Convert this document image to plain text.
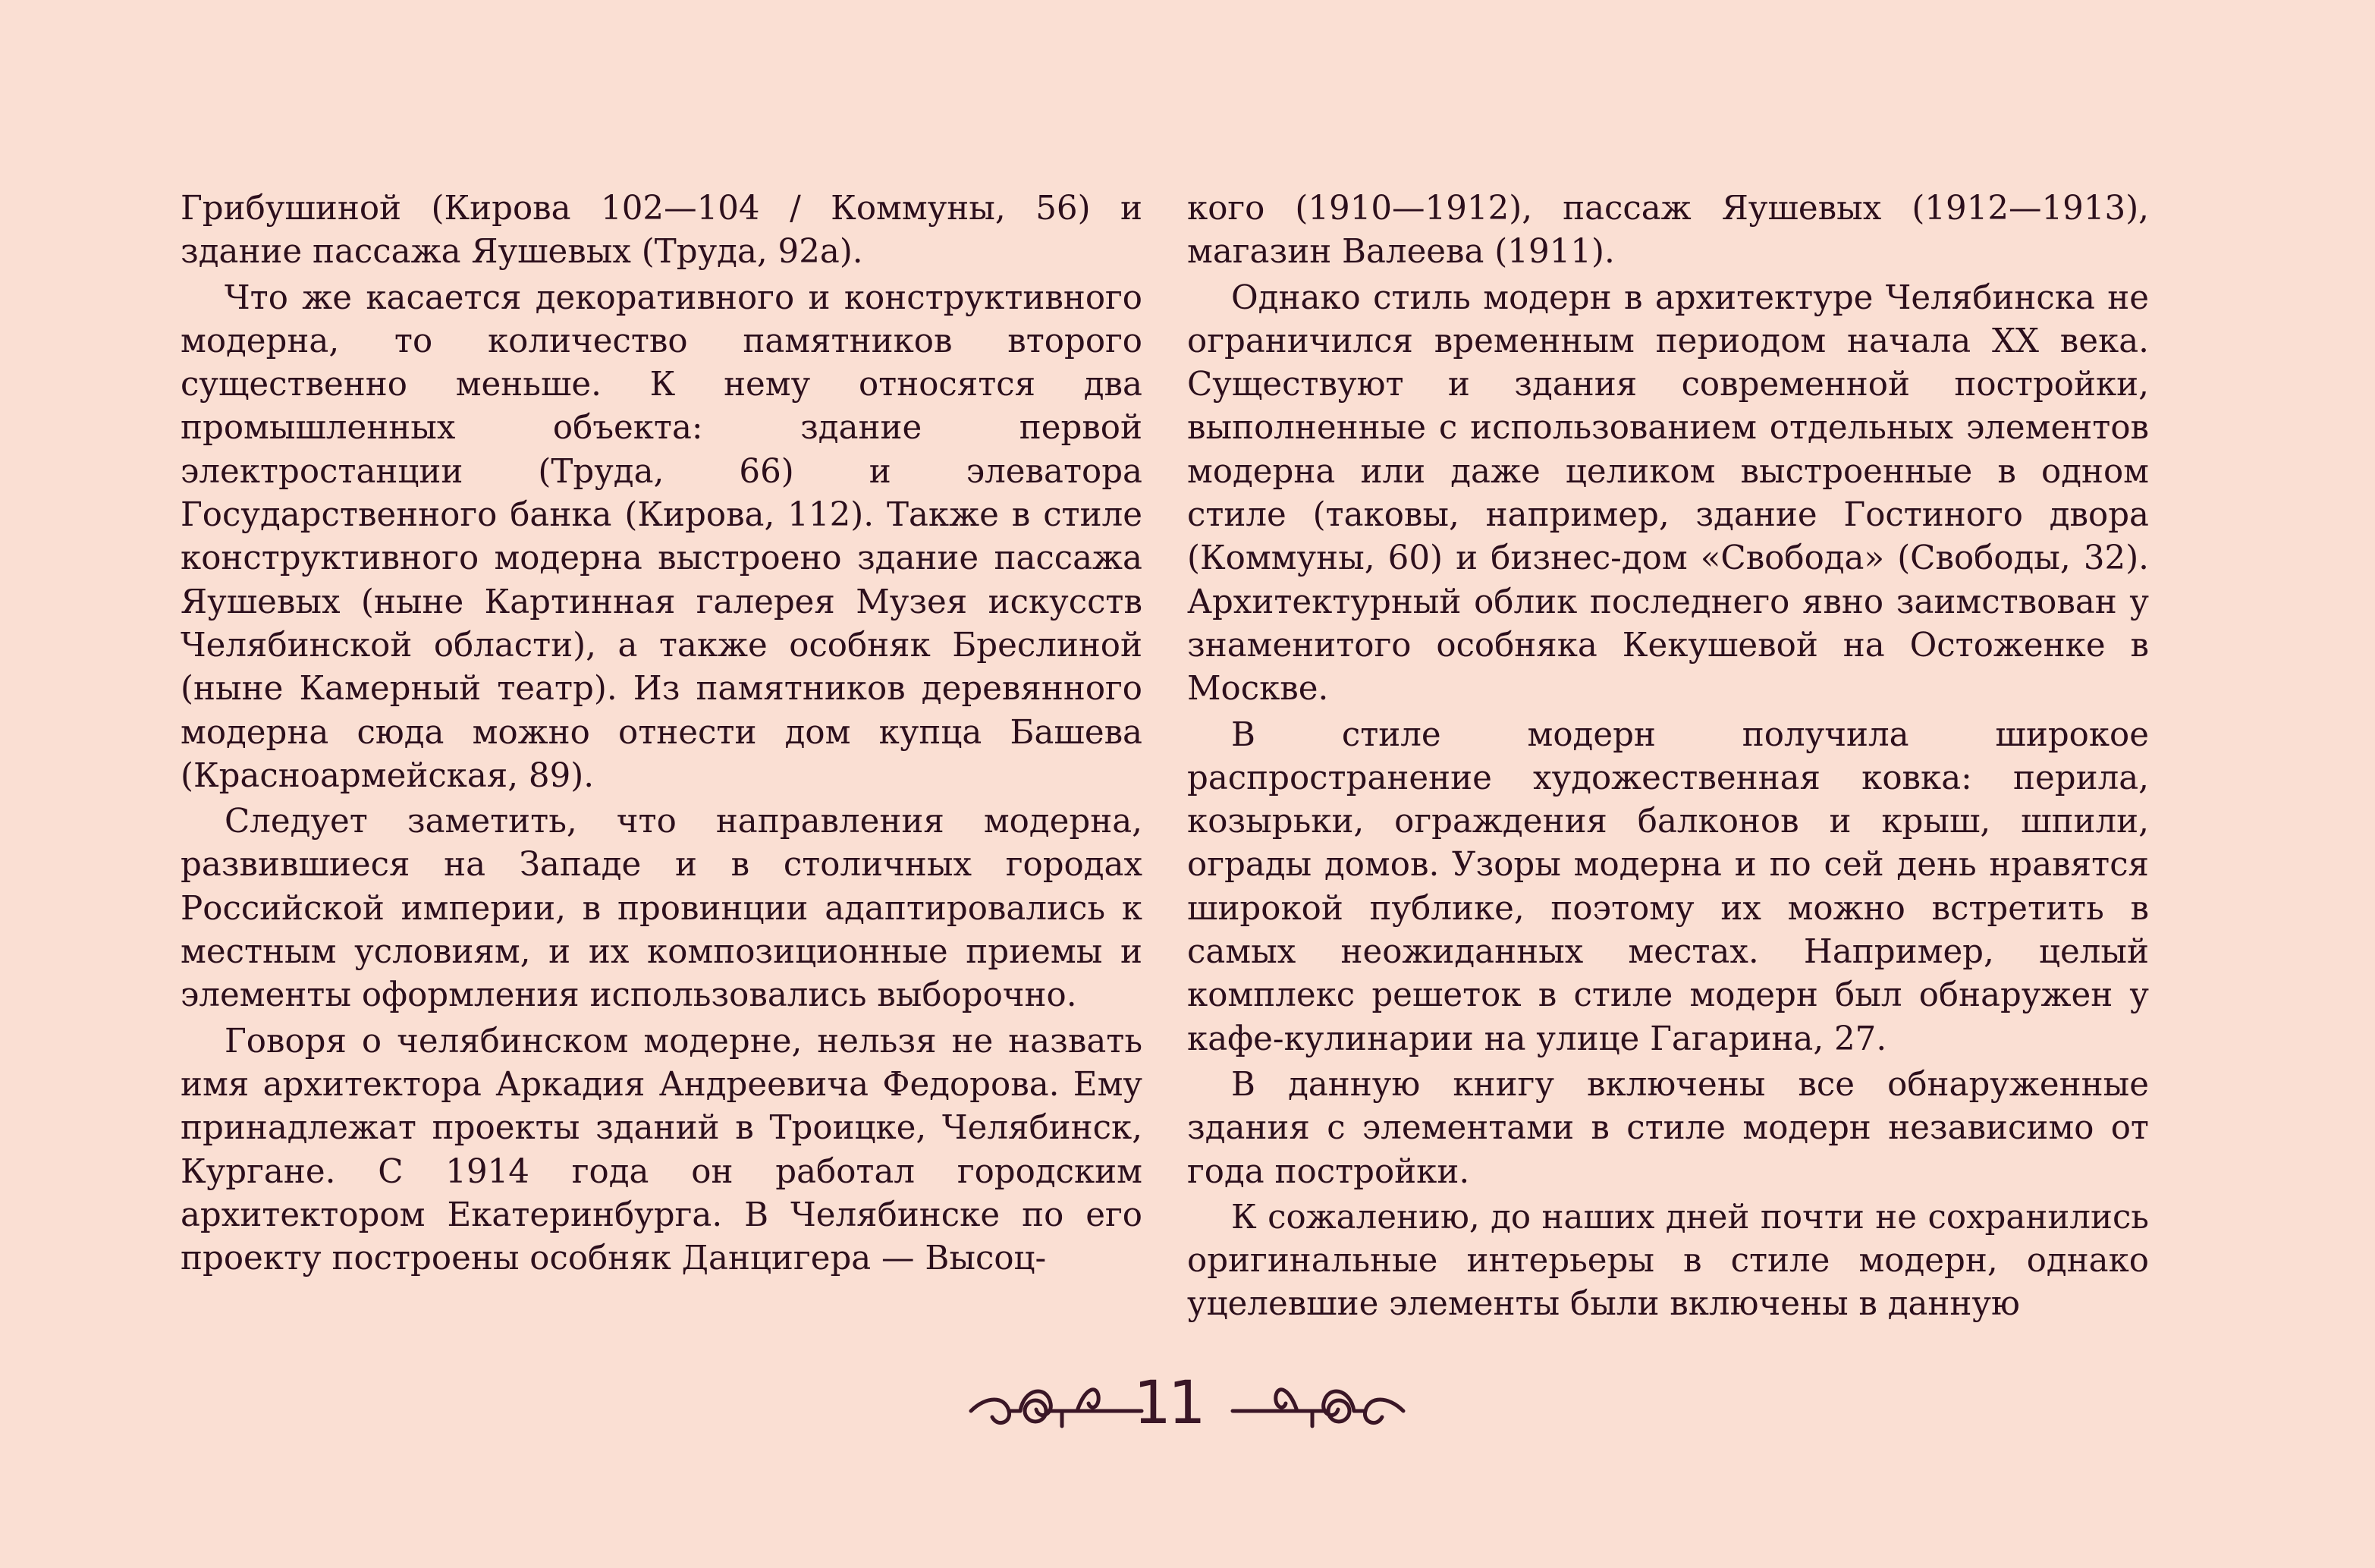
Грибушиной (Кирова 102—104 / Коммуны, 56) и здание пассажа Яушевых (Труда, 92а).

Что же касается декоративного и конструктивного модерна, то количество памятников второго существенно меньше. К нему относятся два промышленных объекта: здание первой электростанции (Труда, 66) и элеватора Государственного банка (Кирова, 112). Также в стиле конструктивного модерна выстроено здание пассажа Яушевых (ныне Картинная галерея Музея искусств Челябинской области), а также особняк Бреслиной (ныне Камерный театр). Из памятников деревянного модерна сюда можно отнести дом купца Башева (Красноармейская, 89).

Следует заметить, что направления модерна, развившиеся на Западе и в столичных городах Российской империи, в провинции адаптировались к местным условиям, и их композиционные приемы и элементы оформления использовались выборочно.

Говоря о челябинском модерне, нельзя не назвать имя архитектора Аркадия Андреевича Федорова. Ему принадлежат проекты зданий в Троицке, Челябинск, Кургане. С 1914 года он работал городским архитектором Екатеринбурга. В Челябинске по его проекту построены особняк Данцигера — Высоц-

кого (1910—1912), пассаж Яушевых (1912—1913), магазин Валеева (1911).

Однако стиль модерн в архитектуре Челябинска не ограничился временным периодом начала XX века. Существуют и здания современной постройки, выполненные с использованием отдельных элементов модерна или даже целиком выстроенные в одном стиле (таковы, например, здание Гостиного двора (Коммуны, 60) и бизнес-дом «Свобода» (Свободы, 32). Архитектурный облик последнего явно заимствован у знаменитого особняка Кекушевой на Остоженке в Москве.

В стиле модерн получила широкое распространение художественная ковка: перила, козырьки, ограждения балконов и крыш, шпили, ограды домов. Узоры модерна и по сей день нравятся широкой публике, поэтому их можно встретить в самых неожиданных местах. Например, целый комплекс решеток в стиле модерн был обнаружен у кафе-кулинарии на улице Гагарина, 27.

В данную книгу включены все обнаруженные здания с элементами в стиле модерн независимо от года постройки.

К сожалению, до наших дней почти не сохранились оригинальные интерьеры в стиле модерн, однако уцелевшие элементы были включены в данную

11
